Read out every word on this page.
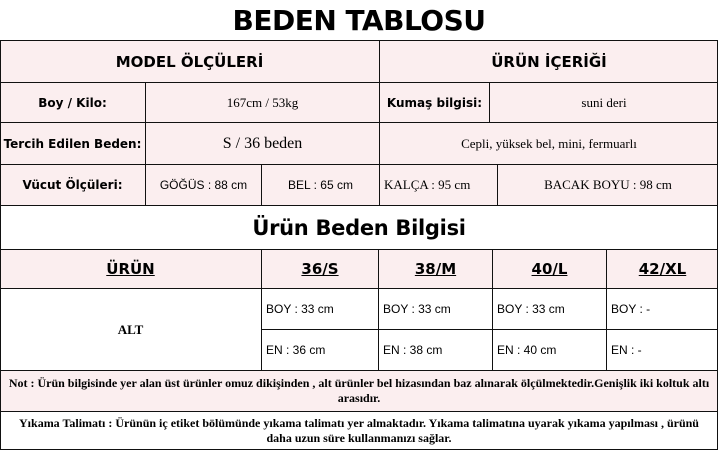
BEDEN TABLOSU
MODEL ÖLÇÜLERİ	ÜRÜN İÇERİĞİ
Boy / Kilo:	167cm / 53kg	Kumaş bilgisi:	suni deri
Tercih Edilen Beden:	S / 36 beden	Cepli, yüksek bel, mini, fermuarlı
Vücut Ölçüleri:	GÖĞÜS : 88 cm	BEL : 65 cm	KALÇA : 95 cm	BACAK BOYU : 98 cm
Ürün Beden Bilgisi
ÜRÜN	36/S	38/M	40/L	42/XL
ALT
BOY : 33 cm	BOY : 33 cm	BOY : 33 cm	BOY : -
EN : 36 cm	EN : 38 cm	EN : 40 cm	EN : -
Not : Ürün bilgisinde yer alan üst ürünler omuz dikişinden , alt ürünler bel hizasından baz alınarak ölçülmektedir.Genişlik iki koltuk altı arasıdır.
Yıkama Talimatı : Ürünün iç etiket bölümünde yıkama talimatı yer almaktadır. Yıkama talimatına uyarak yıkama yapılması , ürünü daha uzun süre kullanmanızı sağlar.
